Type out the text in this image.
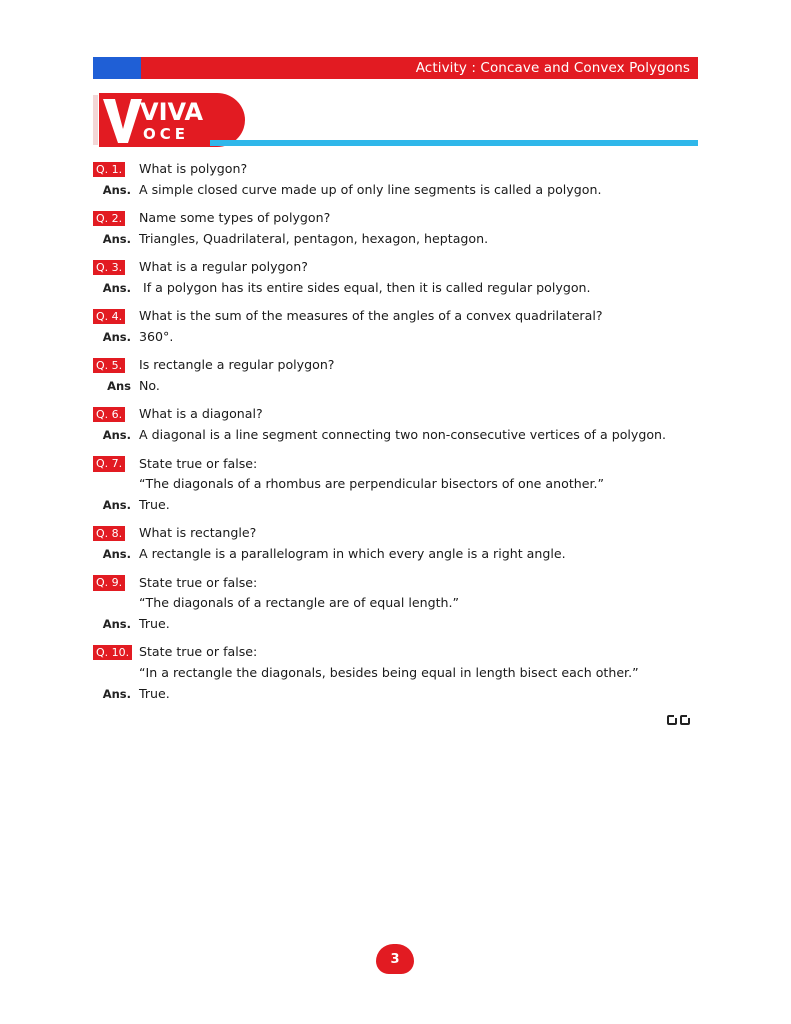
Activity : Concave and Convex Polygons
VIVA
OCE
Q. 1. What is polygon?
Ans. A simple closed curve made up of only line segments is called a polygon.
Q. 2. Name some types of polygon?
Ans. Triangles, Quadrilateral, pentagon, hexagon, heptagon.
Q. 3. What is a regular polygon?
Ans. If a polygon has its entire sides equal, then it is called regular polygon.
Q. 4. What is the sum of the measures of the angles of a convex quadrilateral?
Ans. 360°.
Q. 5. Is rectangle a regular polygon?
Ans No.
Q. 6. What is a diagonal?
Ans. A diagonal is a line segment connecting two non-consecutive vertices of a polygon.
Q. 7. State true or false:
“The diagonals of a rhombus are perpendicular bisectors of one another.”
Ans. True.
Q. 8. What is rectangle?
Ans. A rectangle is a parallelogram in which every angle is a right angle.
Q. 9. State true or false:
“The diagonals of a rectangle are of equal length.”
Ans. True.
Q. 10. State true or false:
“In a rectangle the diagonals, besides being equal in length bisect each other.”
Ans. True.
3
